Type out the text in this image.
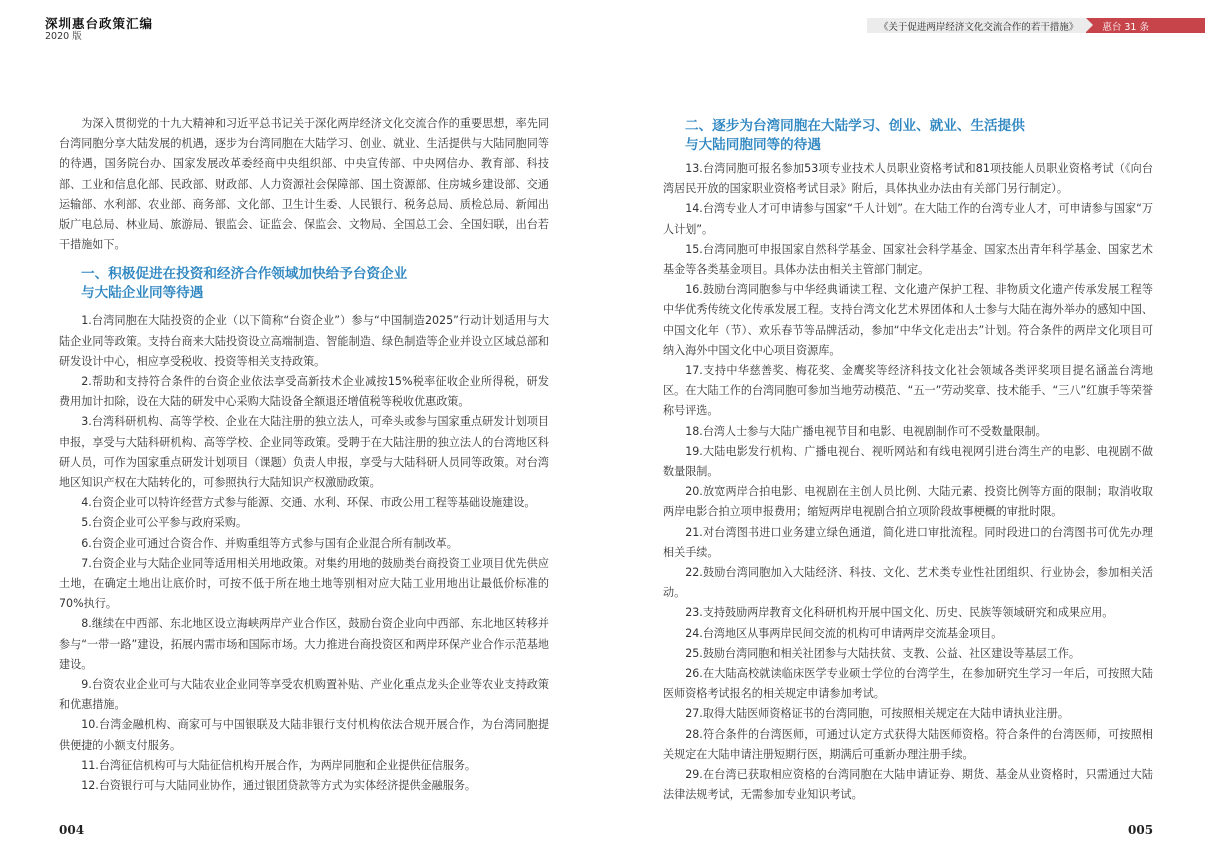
深圳惠台政策汇编
2020 版
《关于促进两岸经济文化交流合作的若干措施》	惠台 31 条

为深入贯彻党的十九大精神和习近平总书记关于深化两岸经济文化交流合作的重要思想，率先同台湾同胞分享大陆发展的机遇，逐步为台湾同胞在大陆学习、创业、就业、生活提供与大陆同胞同等的待遇，国务院台办、国家发展改革委经商中央组织部、中央宣传部、中央网信办、教育部、科技部、工业和信息化部、民政部、财政部、人力资源社会保障部、国土资源部、住房城乡建设部、交通运输部、水利部、农业部、商务部、文化部、卫生计生委、人民银行、税务总局、质检总局、新闻出版广电总局、林业局、旅游局、银监会、证监会、保监会、文物局、全国总工会、全国妇联，出台若干措施如下。

一、积极促进在投资和经济合作领域加快给予台资企业
与大陆企业同等待遇

1.台湾同胞在大陆投资的企业（以下简称“台资企业”）参与“中国制造2025”行动计划适用与大陆企业同等政策。支持台商来大陆投资设立高端制造、智能制造、绿色制造等企业并设立区域总部和研发设计中心，相应享受税收、投资等相关支持政策。

2.帮助和支持符合条件的台资企业依法享受高新技术企业减按15%税率征收企业所得税，研发费用加计扣除，设在大陆的研发中心采购大陆设备全额退还增值税等税收优惠政策。

3.台湾科研机构、高等学校、企业在大陆注册的独立法人，可牵头或参与国家重点研发计划项目申报，享受与大陆科研机构、高等学校、企业同等政策。受聘于在大陆注册的独立法人的台湾地区科研人员，可作为国家重点研发计划项目（课题）负责人申报，享受与大陆科研人员同等政策。对台湾地区知识产权在大陆转化的，可参照执行大陆知识产权激励政策。

4.台资企业可以特许经营方式参与能源、交通、水利、环保、市政公用工程等基础设施建设。

5.台资企业可公平参与政府采购。

6.台资企业可通过合资合作、并购重组等方式参与国有企业混合所有制改革。

7.台资企业与大陆企业同等适用相关用地政策。对集约用地的鼓励类台商投资工业项目优先供应土地，在确定土地出让底价时，可按不低于所在地土地等别相对应大陆工业用地出让最低价标准的70%执行。

8.继续在中西部、东北地区设立海峡两岸产业合作区，鼓励台资企业向中西部、东北地区转移并参与“一带一路”建设，拓展内需市场和国际市场。大力推进台商投资区和两岸环保产业合作示范基地建设。

9.台资农业企业可与大陆农业企业同等享受农机购置补贴、产业化重点龙头企业等农业支持政策和优惠措施。

10.台湾金融机构、商家可与中国银联及大陆非银行支付机构依法合规开展合作，为台湾同胞提供便捷的小额支付服务。

11.台湾征信机构可与大陆征信机构开展合作，为两岸同胞和企业提供征信服务。

12.台资银行可与大陆同业协作，通过银团贷款等方式为实体经济提供金融服务。

二、逐步为台湾同胞在大陆学习、创业、就业、生活提供
与大陆同胞同等的待遇

13.台湾同胞可报名参加53项专业技术人员职业资格考试和81项技能人员职业资格考试（《向台湾居民开放的国家职业资格考试目录》附后，具体执业办法由有关部门另行制定）。

14.台湾专业人才可申请参与国家“千人计划”。在大陆工作的台湾专业人才，可申请参与国家“万人计划”。

15.台湾同胞可申报国家自然科学基金、国家社会科学基金、国家杰出青年科学基金、国家艺术基金等各类基金项目。具体办法由相关主管部门制定。

16.鼓励台湾同胞参与中华经典诵读工程、文化遗产保护工程、非物质文化遗产传承发展工程等中华优秀传统文化传承发展工程。支持台湾文化艺术界团体和人士参与大陆在海外举办的感知中国、中国文化年（节）、欢乐春节等品牌活动，参加“中华文化走出去”计划。符合条件的两岸文化项目可纳入海外中国文化中心项目资源库。

17.支持中华慈善奖、梅花奖、金鹰奖等经济科技文化社会领域各类评奖项目提名涵盖台湾地区。在大陆工作的台湾同胞可参加当地劳动模范、“五一”劳动奖章、技术能手、“三八”红旗手等荣誉称号评选。

18.台湾人士参与大陆广播电视节目和电影、电视剧制作可不受数量限制。

19.大陆电影发行机构、广播电视台、视听网站和有线电视网引进台湾生产的电影、电视剧不做数量限制。

20.放宽两岸合拍电影、电视剧在主创人员比例、大陆元素、投资比例等方面的限制；取消收取两岸电影合拍立项申报费用；缩短两岸电视剧合拍立项阶段故事梗概的审批时限。

21.对台湾图书进口业务建立绿色通道，简化进口审批流程。同时段进口的台湾图书可优先办理相关手续。

22.鼓励台湾同胞加入大陆经济、科技、文化、艺术类专业性社团组织、行业协会，参加相关活动。

23.支持鼓励两岸教育文化科研机构开展中国文化、历史、民族等领域研究和成果应用。

24.台湾地区从事两岸民间交流的机构可申请两岸交流基金项目。

25.鼓励台湾同胞和相关社团参与大陆扶贫、支教、公益、社区建设等基层工作。

26.在大陆高校就读临床医学专业硕士学位的台湾学生，在参加研究生学习一年后，可按照大陆医师资格考试报名的相关规定申请参加考试。

27.取得大陆医师资格证书的台湾同胞，可按照相关规定在大陆申请执业注册。

28.符合条件的台湾医师，可通过认定方式获得大陆医师资格。符合条件的台湾医师，可按照相关规定在大陆申请注册短期行医，期满后可重新办理注册手续。

29.在台湾已获取相应资格的台湾同胞在大陆申请证券、期货、基金从业资格时，只需通过大陆法律法规考试，无需参加专业知识考试。

004	005
